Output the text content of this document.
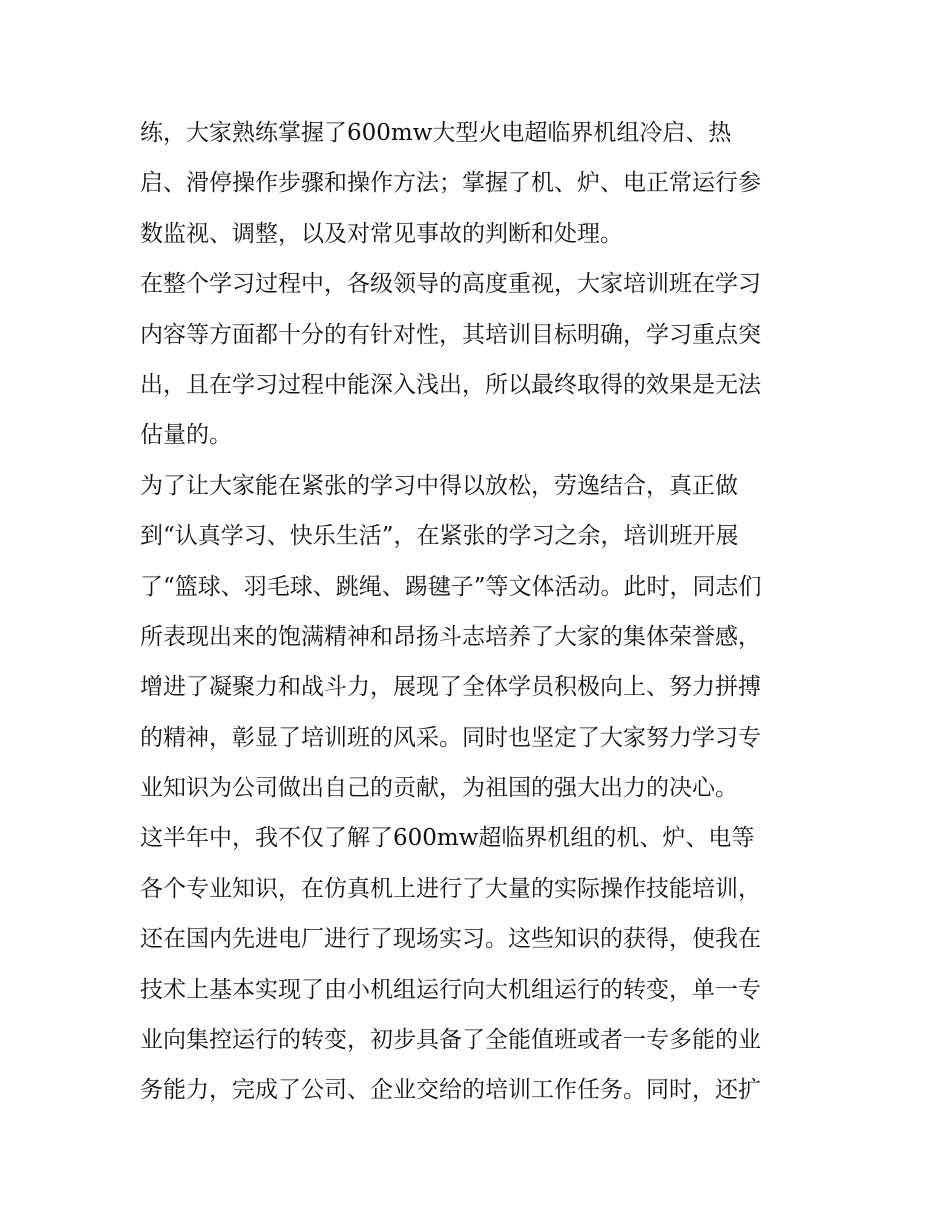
练，大家熟练掌握了600mw大型火电超临界机组冷启、热
启、滑停操作步骤和操作方法；掌握了机、炉、电正常运行参
数监视、调整，以及对常见事故的判断和处理。
在整个学习过程中，各级领导的高度重视，大家培训班在学习
内容等方面都十分的有针对性，其培训目标明确，学习重点突
出，且在学习过程中能深入浅出，所以最终取得的效果是无法
估量的。
为了让大家能在紧张的学习中得以放松，劳逸结合，真正做
到“认真学习、快乐生活”，在紧张的学习之余，培训班开展
了“篮球、羽毛球、跳绳、踢毽子”等文体活动。此时，同志们
所表现出来的饱满精神和昂扬斗志培养了大家的集体荣誉感，
增进了凝聚力和战斗力，展现了全体学员积极向上、努力拼搏
的精神，彰显了培训班的风采。同时也坚定了大家努力学习专
业知识为公司做出自己的贡献，为祖国的强大出力的决心。
这半年中，我不仅了解了600mw超临界机组的机、炉、电等
各个专业知识，在仿真机上进行了大量的实际操作技能培训，
还在国内先进电厂进行了现场实习。这些知识的获得，使我在
技术上基本实现了由小机组运行向大机组运行的转变，单一专
业向集控运行的转变，初步具备了全能值班或者一专多能的业
务能力，完成了公司、企业交给的培训工作任务。同时，还扩
